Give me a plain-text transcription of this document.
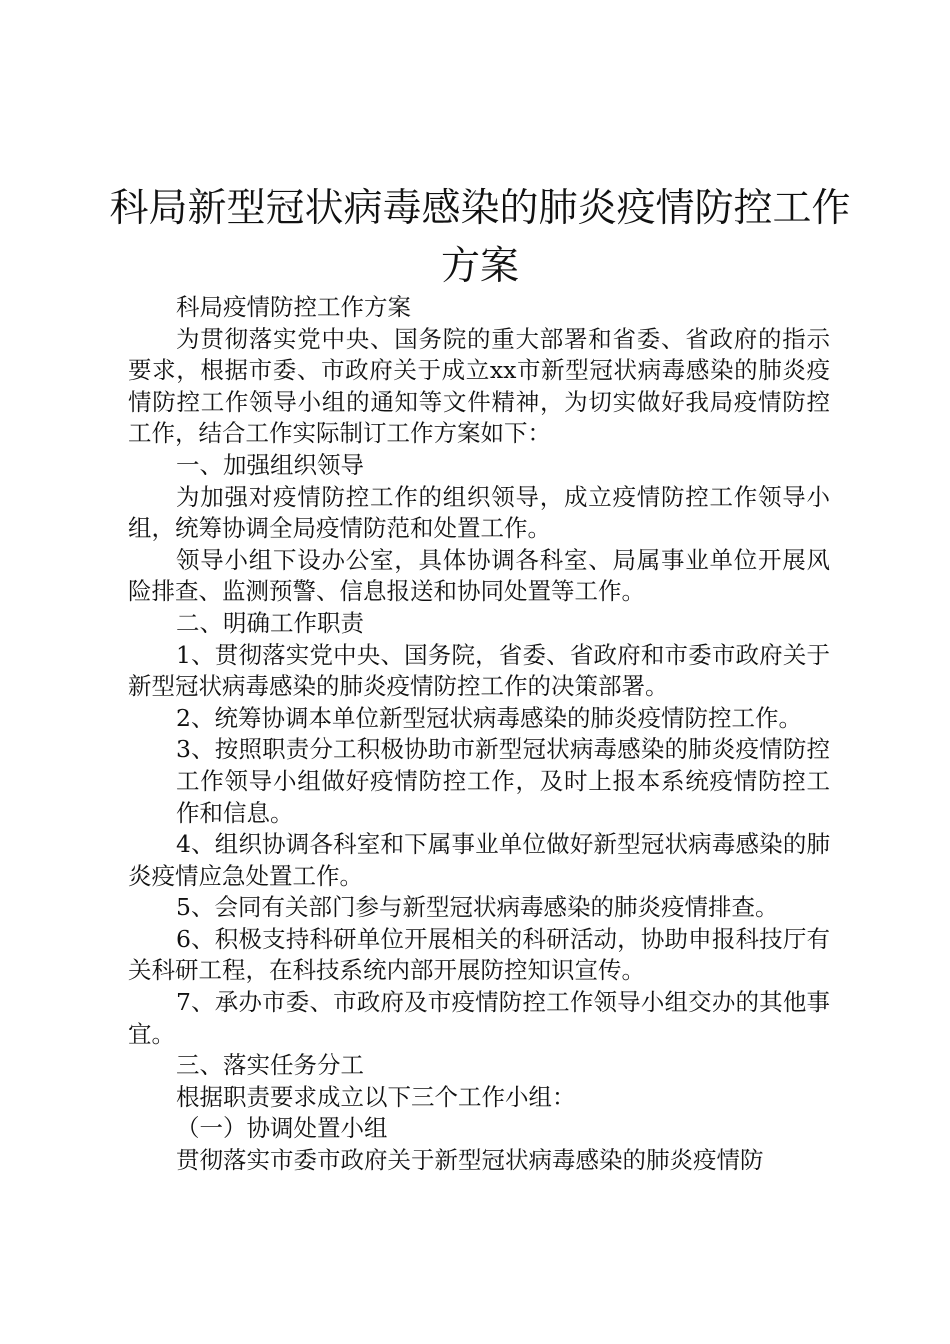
科局新型冠状病毒感染的肺炎疫情防控工作方案

科局疫情防控工作方案

为贯彻落实党中央、国务院的重大部署和省委、省政府的指示要求，根据市委、市政府关于成立xx市新型冠状病毒感染的肺炎疫情防控工作领导小组的通知等文件精神，为切实做好我局疫情防控工作，结合工作实际制订工作方案如下：

一、加强组织领导

为加强对疫情防控工作的组织领导，成立疫情防控工作领导小组，统筹协调全局疫情防范和处置工作。

领导小组下设办公室，具体协调各科室、局属事业单位开展风险排查、监测预警、信息报送和协同处置等工作。

二、明确工作职责

1、贯彻落实党中央、国务院，省委、省政府和市委市政府关于新型冠状病毒感染的肺炎疫情防控工作的决策部署。

2、统筹协调本单位新型冠状病毒感染的肺炎疫情防控工作。

3、按照职责分工积极协助市新型冠状病毒感染的肺炎疫情防控工作领导小组做好疫情防控工作，及时上报本系统疫情防控工作和信息。

4、组织协调各科室和下属事业单位做好新型冠状病毒感染的肺炎疫情应急处置工作。

5、会同有关部门参与新型冠状病毒感染的肺炎疫情排查。

6、积极支持科研单位开展相关的科研活动，协助申报科技厅有关科研工程，在科技系统内部开展防控知识宣传。

7、承办市委、市政府及市疫情防控工作领导小组交办的其他事宜。

三、落实任务分工

根据职责要求成立以下三个工作小组：

（一）协调处置小组

贯彻落实市委市政府关于新型冠状病毒感染的肺炎疫情防
